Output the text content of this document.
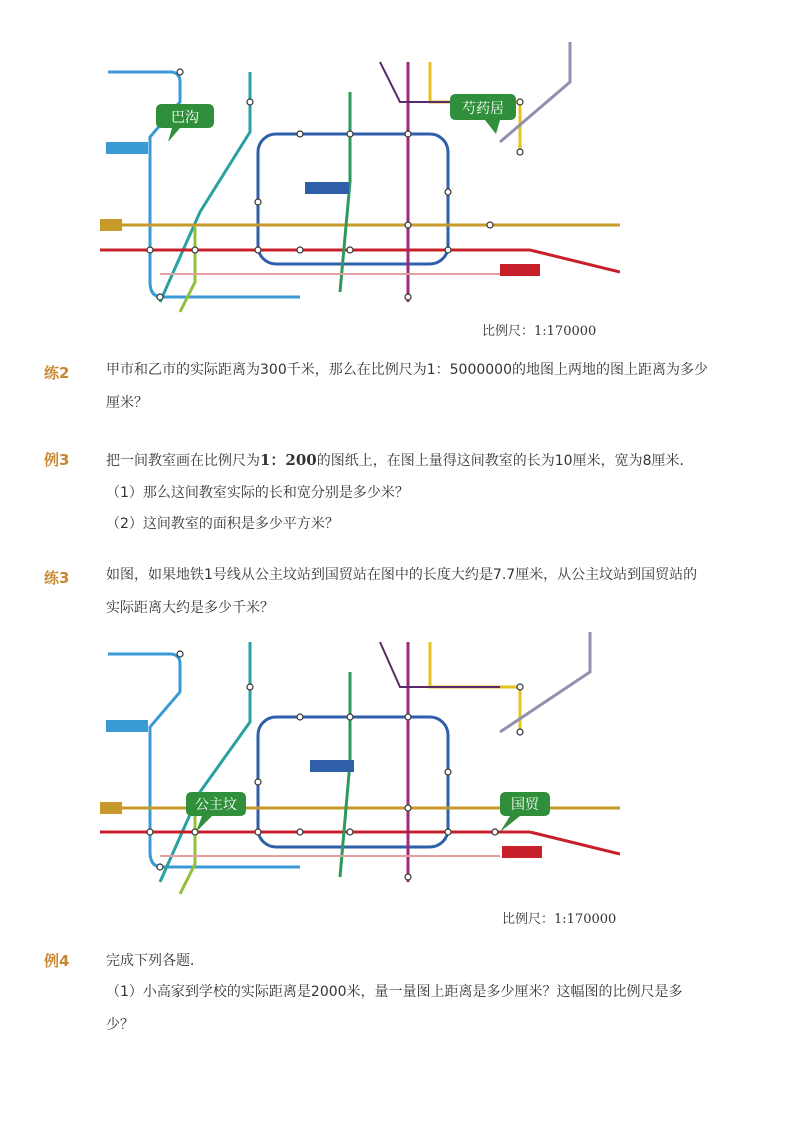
巴沟
芍药居
比例尺：1:170000
练2	甲市和乙市的实际距离为300千米，那么在比例尺为1：5000000的地图上两地的图上距离为多少
厘米？
例3	把一间教室画在比例尺为1：200的图纸上，在图上量得这间教室的长为10厘米，宽为8厘米．
（1）那么这间教室实际的长和宽分别是多少米？
（2）这间教室的面积是多少平方米？
练3	如图，如果地铁1号线从公主坟站到国贸站在图中的长度大约是7.7厘米，从公主坟站到国贸站的
实际距离大约是多少千米？
公主坟	国贸
比例尺：1:170000
例4	完成下列各题．
（1）小高家到学校的实际距离是2000米，量一量图上距离是多少厘米？这幅图的比例尺是多
少？
